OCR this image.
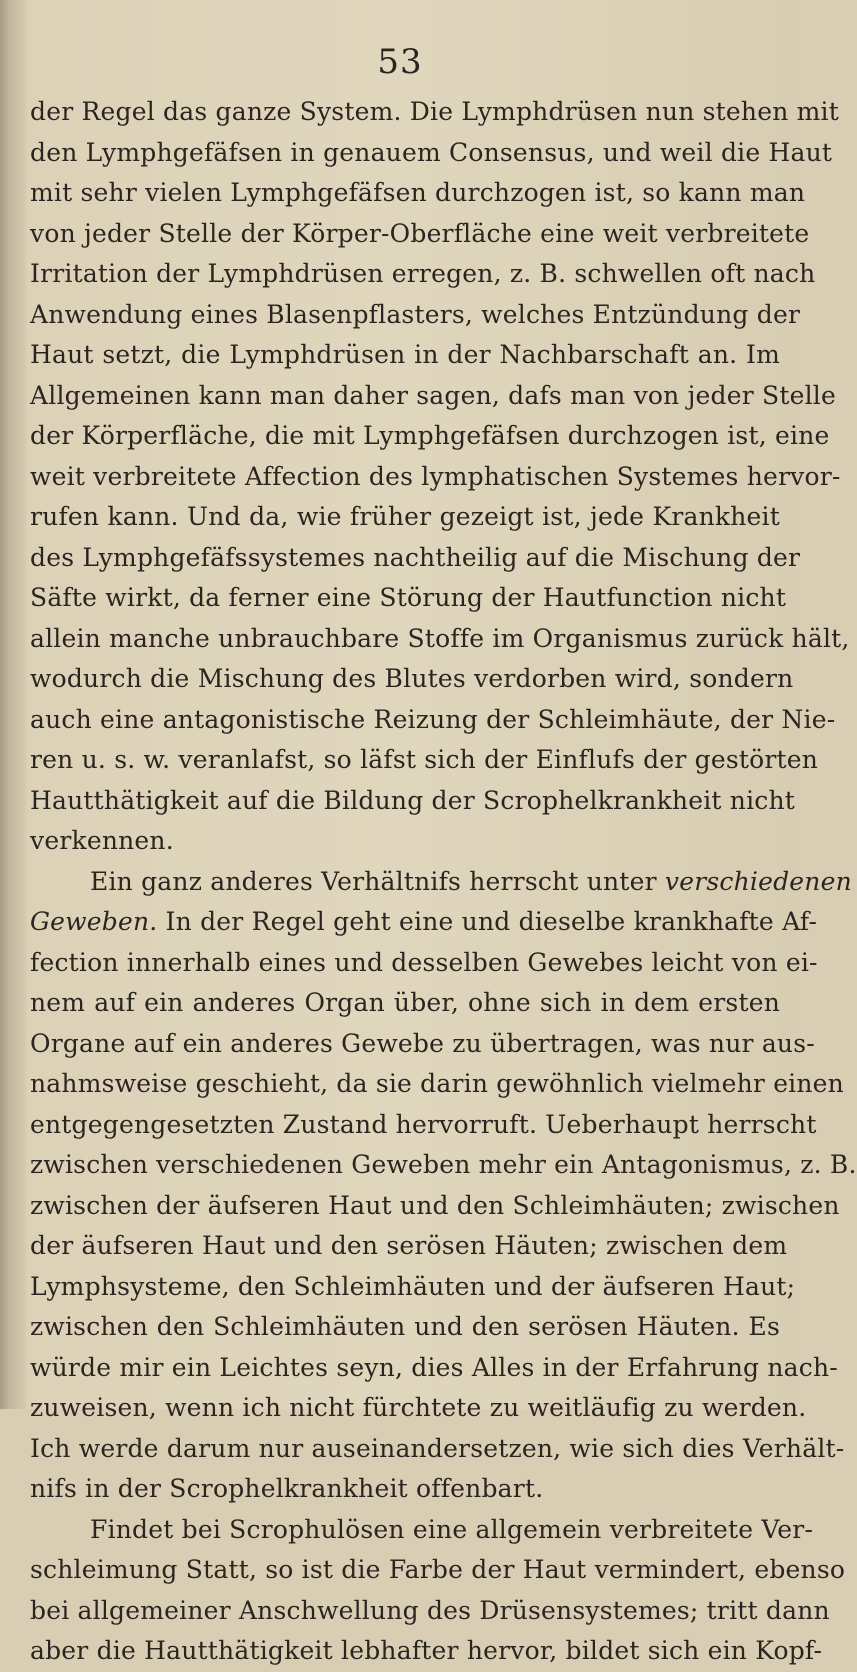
53
der Regel das ganze System. Die Lymphdrüsen nun stehen mit
den Lymphgefäfsen in genauem Consensus, und weil die Haut
mit sehr vielen Lymphgefäfsen durchzogen ist, so kann man
von jeder Stelle der Körper-Oberfläche eine weit verbreitete
Irritation der Lymphdrüsen erregen, z. B. schwellen oft nach
Anwendung eines Blasenpflasters, welches Entzündung der
Haut setzt, die Lymphdrüsen in der Nachbarschaft an. Im
Allgemeinen kann man daher sagen, dafs man von jeder Stelle
der Körperfläche, die mit Lymphgefäfsen durchzogen ist, eine
weit verbreitete Affection des lymphatischen Systemes hervor-
rufen kann. Und da, wie früher gezeigt ist, jede Krankheit
des Lymphgefäfssystemes nachtheilig auf die Mischung der
Säfte wirkt, da ferner eine Störung der Hautfunction nicht
allein manche unbrauchbare Stoffe im Organismus zurück hält,
wodurch die Mischung des Blutes verdorben wird, sondern
auch eine antagonistische Reizung der Schleimhäute, der Nie-
ren u. s. w. veranlafst, so läfst sich der Einflufs der gestörten
Hautthätigkeit auf die Bildung der Scrophelkrankheit nicht
verkennen.
Ein ganz anderes Verhältnifs herrscht unter verschiedenen
Geweben. In der Regel geht eine und dieselbe krankhafte Af-
fection innerhalb eines und desselben Gewebes leicht von ei-
nem auf ein anderes Organ über, ohne sich in dem ersten
Organe auf ein anderes Gewebe zu übertragen, was nur aus-
nahmsweise geschieht, da sie darin gewöhnlich vielmehr einen
entgegengesetzten Zustand hervorruft. Ueberhaupt herrscht
zwischen verschiedenen Geweben mehr ein Antagonismus, z. B.
zwischen der äufseren Haut und den Schleimhäuten; zwischen
der äufseren Haut und den serösen Häuten; zwischen dem
Lymphsysteme, den Schleimhäuten und der äufseren Haut;
zwischen den Schleimhäuten und den serösen Häuten. Es
würde mir ein Leichtes seyn, dies Alles in der Erfahrung nach-
zuweisen, wenn ich nicht fürchtete zu weitläufig zu werden.
Ich werde darum nur auseinandersetzen, wie sich dies Verhält-
nifs in der Scrophelkrankheit offenbart.
Findet bei Scrophulösen eine allgemein verbreitete Ver-
schleimung Statt, so ist die Farbe der Haut vermindert, ebenso
bei allgemeiner Anschwellung des Drüsensystemes; tritt dann
aber die Hautthätigkeit lebhafter hervor, bildet sich ein Kopf-
